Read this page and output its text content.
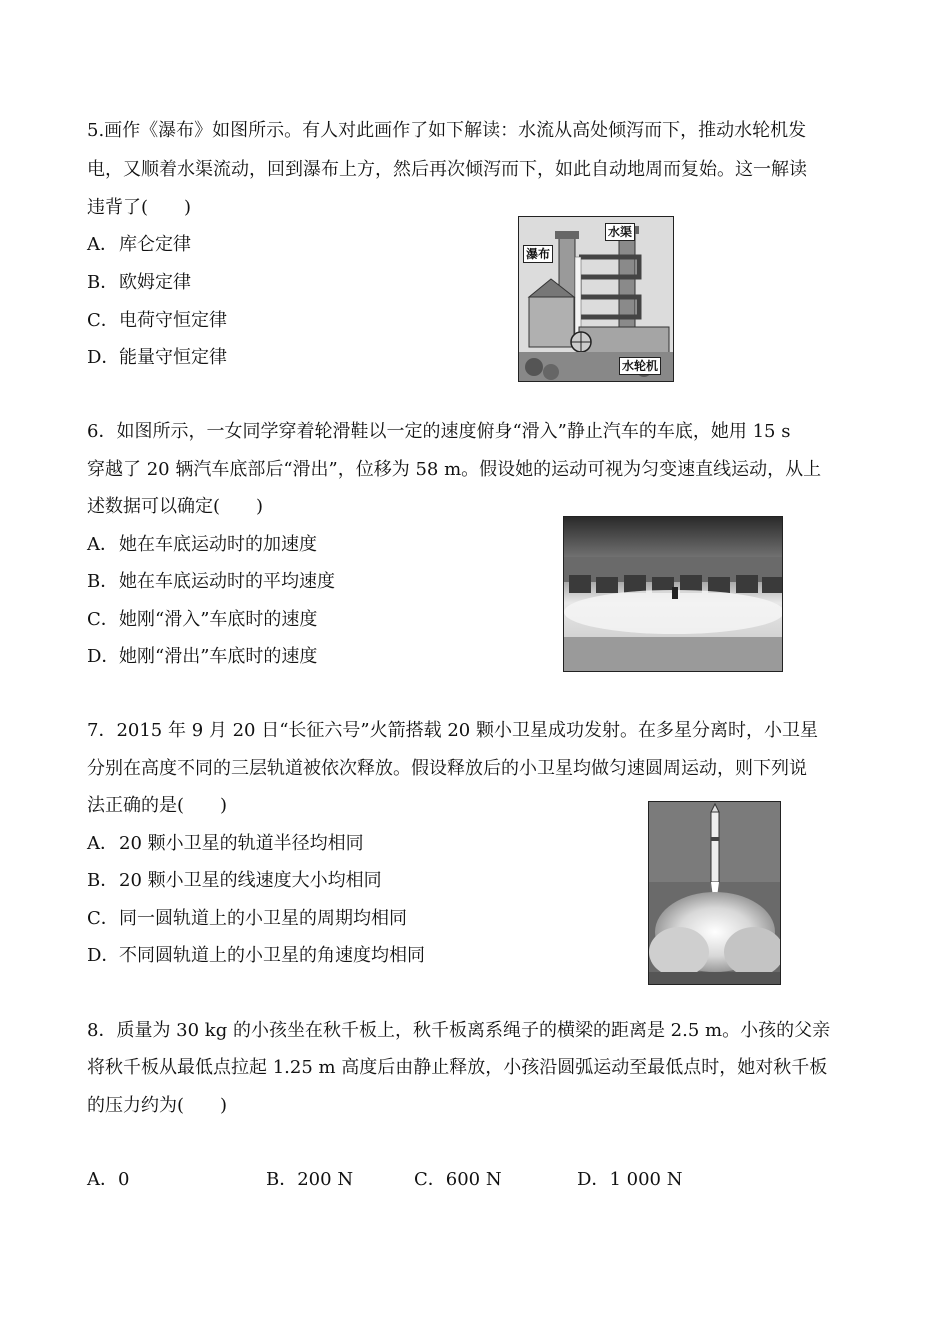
5.画作《瀑布》如图所示。有人对此画作了如下解读：水流从高处倾泻而下，推动水轮机发
电，又顺着水渠流动，回到瀑布上方，然后再次倾泻而下，如此自动地周而复始。这一解读
违背了(　　)
A．库仑定律
B．欧姆定律
C．电荷守恒定律
D．能量守恒定律
瀑布
水渠
水轮机
6．如图所示，一女同学穿着轮滑鞋以一定的速度俯身“滑入”静止汽车的车底，她用 15 s
穿越了 20 辆汽车底部后“滑出”，位移为 58 m。假设她的运动可视为匀变速直线运动，从上
述数据可以确定(　　)
A．她在车底运动时的加速度
B．她在车底运动时的平均速度
C．她刚“滑入”车底时的速度
D．她刚“滑出”车底时的速度
7．2015 年 9 月 20 日“长征六号”火箭搭载 20 颗小卫星成功发射。在多星分离时，小卫星
分别在高度不同的三层轨道被依次释放。假设释放后的小卫星均做匀速圆周运动，则下列说
法正确的是(　　)
A．20 颗小卫星的轨道半径均相同
B．20 颗小卫星的线速度大小均相同
C．同一圆轨道上的小卫星的周期均相同
D．不同圆轨道上的小卫星的角速度均相同
8．质量为 30 kg 的小孩坐在秋千板上，秋千板离系绳子的横梁的距离是 2.5 m。小孩的父亲
将秋千板从最低点拉起 1.25 m 高度后由静止释放，小孩沿圆弧运动至最低点时，她对秋千板
的压力约为(　　)
A．0	B．200 N	C．600 N	D．1 000 N
